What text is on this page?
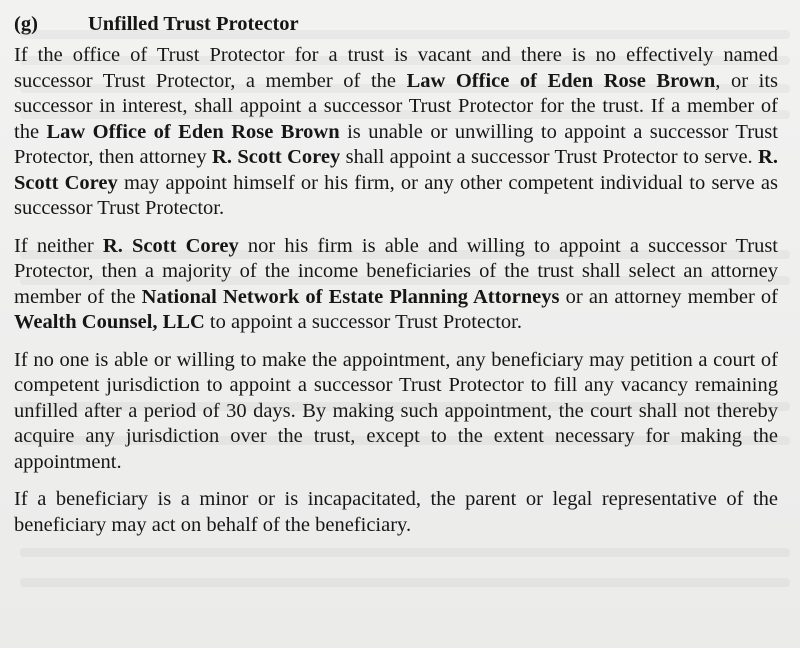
(g)	Unfilled Trust Protector

If the office of Trust Protector for a trust is vacant and there is no effectively named successor Trust Protector, a member of the Law Office of Eden Rose Brown, or its successor in interest, shall appoint a successor Trust Protector for the trust. If a member of the Law Office of Eden Rose Brown is unable or unwilling to appoint a successor Trust Protector, then attorney R. Scott Corey shall appoint a successor Trust Protector to serve. R. Scott Corey may appoint himself or his firm, or any other competent individual to serve as successor Trust Protector.

If neither R. Scott Corey nor his firm is able and willing to appoint a successor Trust Protector, then a majority of the income beneficiaries of the trust shall select an attorney member of the National Network of Estate Planning Attorneys or an attorney member of Wealth Counsel, LLC to appoint a successor Trust Protector.

If no one is able or willing to make the appointment, any beneficiary may petition a court of competent jurisdiction to appoint a successor Trust Protector to fill any vacancy remaining unfilled after a period of 30 days. By making such appointment, the court shall not thereby acquire any jurisdiction over the trust, except to the extent necessary for making the appointment.

If a beneficiary is a minor or is incapacitated, the parent or legal representative of the beneficiary may act on behalf of the beneficiary.
